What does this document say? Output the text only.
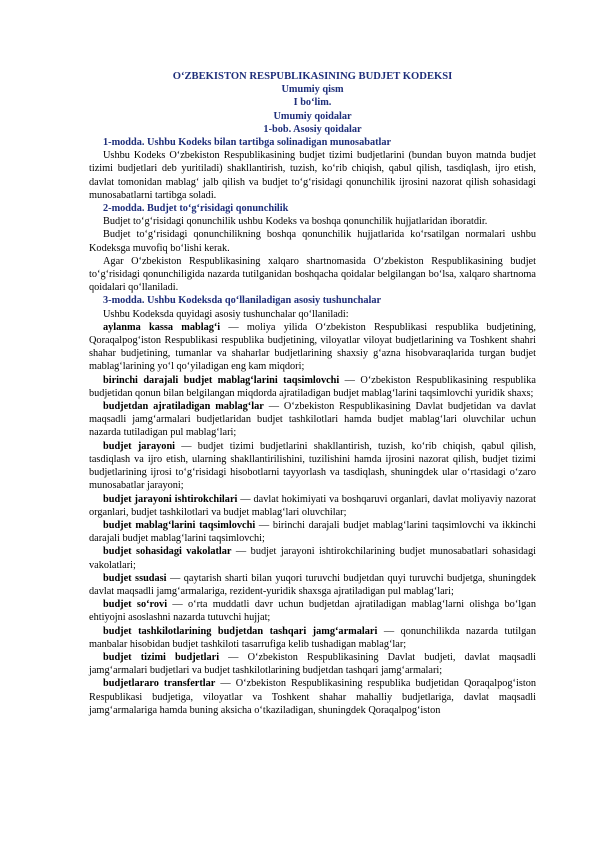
O‘ZBEKISTON RESPUBLIKASINING BUDJET KODEKSI
Umumiy qism
I bo‘lim.
Umumiy qoidalar
1-bob. Asosiy qoidalar
1-modda. Ushbu Kodeks bilan tartibga solinadigan munosabatlar

Ushbu Kodeks O‘zbekiston Respublikasining budjet tizimi budjetlarini (bundan buyon matnda budjet tizimi budjetlari deb yuritiladi) shakllantirish, tuzish, ko‘rib chiqish, qabul qilish, tasdiqlash, ijro etish, davlat tomonidan mablag‘ jalb qilish va budjet to‘g‘risidagi qonunchilik ijrosini nazorat qilish sohasidagi munosabatlarni tartibga soladi.

2-modda. Budjet to‘g‘risidagi qonunchilik

Budjet to‘g‘risidagi qonunchilik ushbu Kodeks va boshqa qonunchilik hujjatlaridan iboratdir.

Budjet to‘g‘risidagi qonunchilikning boshqa qonunchilik hujjatlarida ko‘rsatilgan normalari ushbu Kodeksga muvofiq bo‘lishi kerak.

Agar O‘zbekiston Respublikasining xalqaro shartnomasida O‘zbekiston Respublikasining budjet to‘g‘risidagi qonunchiligida nazarda tutilganidan boshqacha qoidalar belgilangan bo‘lsa, xalqaro shartnoma qoidalari qo‘llaniladi.

3-modda. Ushbu Kodeksda qo‘llaniladigan asosiy tushunchalar

Ushbu Kodeksda quyidagi asosiy tushunchalar qo‘llaniladi:

aylanma kassa mablag‘i — moliya yilida O‘zbekiston Respublikasi respublika budjetining, Qoraqalpog‘iston Respublikasi respublika budjetining, viloyatlar viloyat budjetlarining va Toshkent shahri shahar budjetining, tumanlar va shaharlar budjetlarining shaxsiy g‘azna hisobvaraqlarida turgan budjet mablag‘larining yo‘l qo‘yiladigan eng kam miqdori;

birinchi darajali budjet mablag‘larini taqsimlovchi — O‘zbekiston Respublikasining respublika budjetidan qonun bilan belgilangan miqdorda ajratiladigan budjet mablag‘larini taqsimlovchi yuridik shaxs;

budjetdan ajratiladigan mablag‘lar — O‘zbekiston Respublikasining Davlat budjetidan va davlat maqsadli jamg‘armalari budjetlaridan budjet tashkilotlari hamda budjet mablag‘lari oluvchilar uchun nazarda tutiladigan pul mablag‘lari;

budjet jarayoni — budjet tizimi budjetlarini shakllantirish, tuzish, ko‘rib chiqish, qabul qilish, tasdiqlash va ijro etish, ularning shakllantirilishini, tuzilishini hamda ijrosini nazorat qilish, budjet tizimi budjetlarining ijrosi to‘g‘risidagi hisobotlarni tayyorlash va tasdiqlash, shuningdek ular o‘rtasidagi o‘zaro munosabatlar jarayoni;

budjet jarayoni ishtirokchilari — davlat hokimiyati va boshqaruvi organlari, davlat moliyaviy nazorat organlari, budjet tashkilotlari va budjet mablag‘lari oluvchilar;

budjet mablag‘larini taqsimlovchi — birinchi darajali budjet mablag‘larini taqsimlovchi va ikkinchi darajali budjet mablag‘larini taqsimlovchi;

budjet sohasidagi vakolatlar — budjet jarayoni ishtirokchilarining budjet munosabatlari sohasidagi vakolatlari;

budjet ssudasi — qaytarish sharti bilan yuqori turuvchi budjetdan quyi turuvchi budjetga, shuningdek davlat maqsadli jamg‘armalariga, rezident-yuridik shaxsga ajratiladigan pul mablag‘lari;

budjet so‘rovi — o‘rta muddatli davr uchun budjetdan ajratiladigan mablag‘larni olishga bo‘lgan ehtiyojni asoslashni nazarda tutuvchi hujjat;

budjet tashkilotlarining budjetdan tashqari jamg‘armalari — qonunchilikda nazarda tutilgan manbalar hisobidan budjet tashkiloti tasarrufiga kelib tushadigan mablag‘lar;

budjet tizimi budjetlari — O‘zbekiston Respublikasining Davlat budjeti, davlat maqsadli jamg‘armalari budjetlari va budjet tashkilotlarining budjetdan tashqari jamg‘armalari;

budjetlararo transfertlar — O‘zbekiston Respublikasining respublika budjetidan Qoraqalpog‘iston Respublikasi budjetiga, viloyatlar va Toshkent shahar mahalliy budjetlariga, davlat maqsadli jamg‘armalariga hamda buning aksicha o‘tkaziladigan, shuningdek Qoraqalpog‘iston
